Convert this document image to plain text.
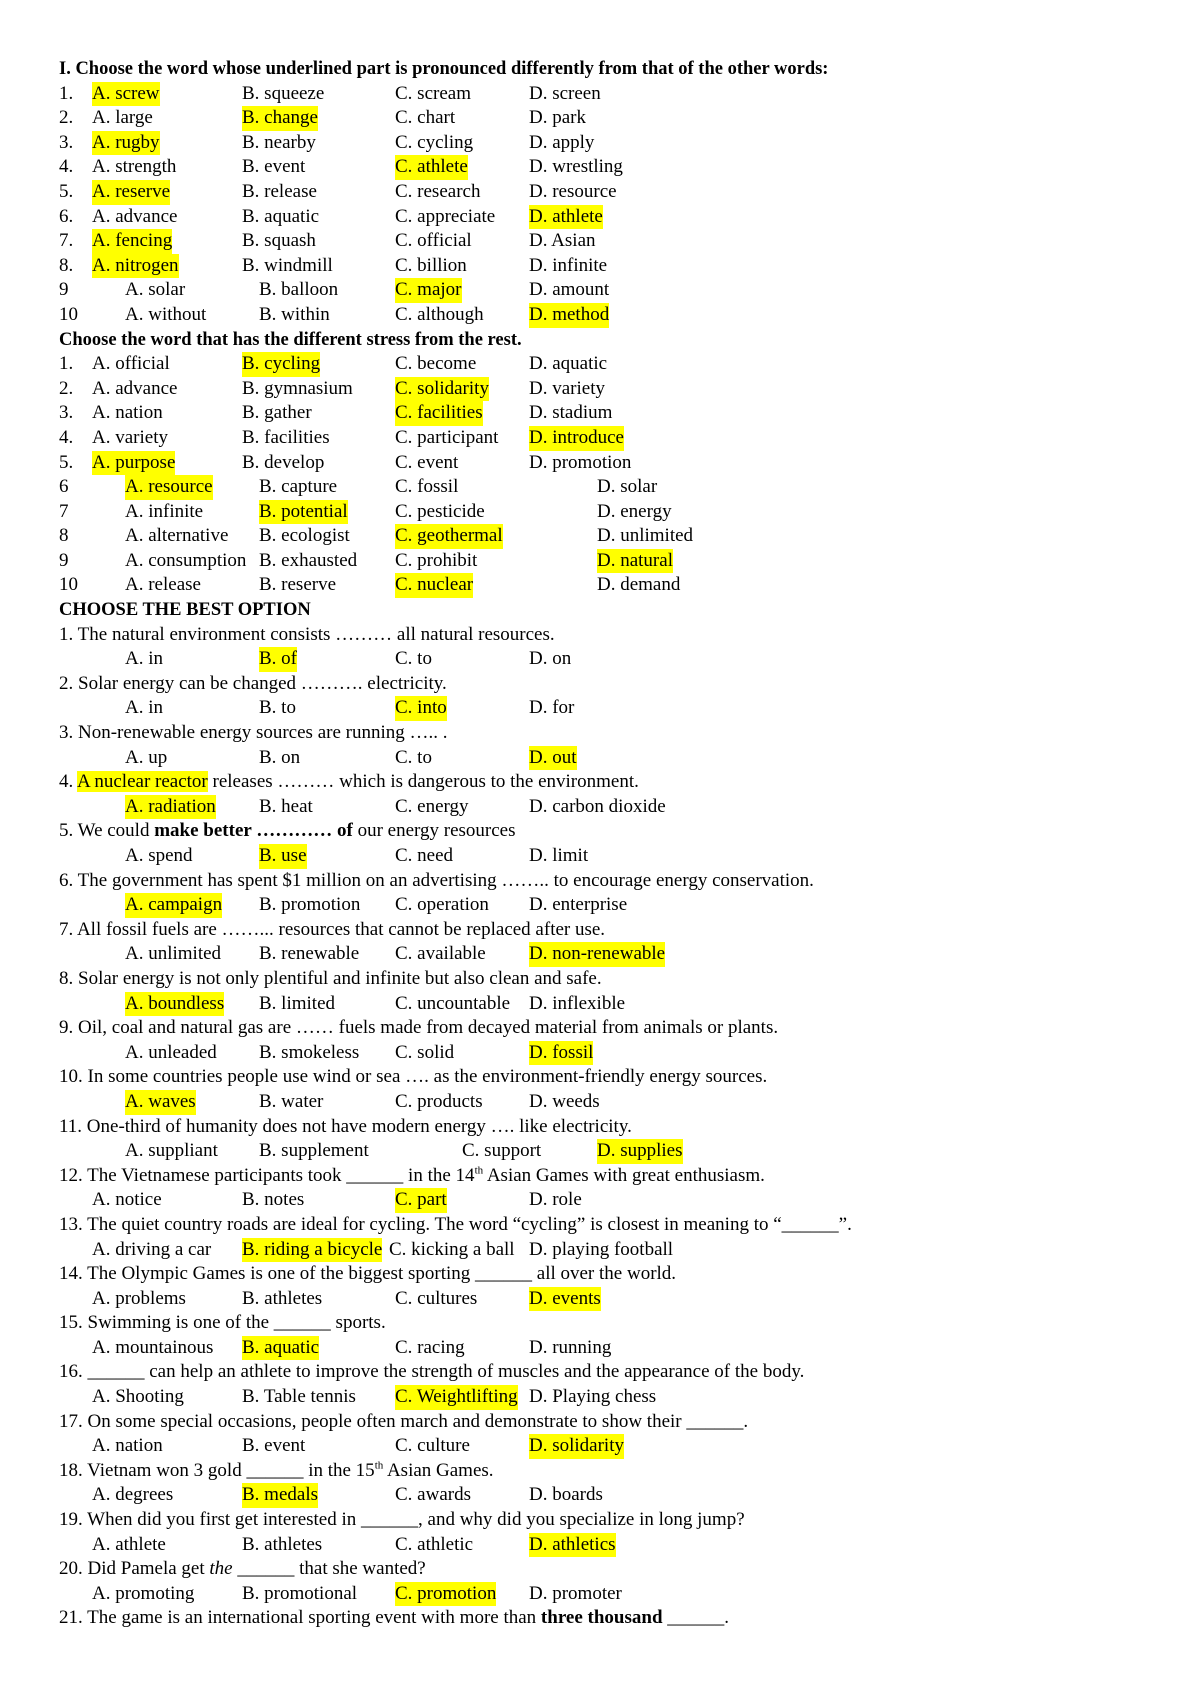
I. Choose the word whose underlined part is pronounced differently from that of the other words:
1. A. screw	B. squeeze	C. scream	D. screen
2. A. large	B. change	C. chart	D. park
3. A. rugby	B. nearby	C. cycling	D. apply
4. A. strength	B. event	C. athlete	D. wrestling
5. A. reserve	B. release	C. research	D. resource
6. A. advance	B. aquatic	C. appreciate D. athlete
7. A. fencing	B. squash	C. official	D. Asian
8. A. nitrogen	B. windmill	C. billion	D. infinite
9	A. solar	B. balloon	C. major	D. amount
10 A. without	B. within	C. although D. method
Choose the word that has the different stress from the rest.
1. A. official	B. cycling	C. become	D. aquatic
2. A. advance	B. gymnasium C. solidarity D. variety
3. A. nation	B. gather	C. facilities D. stadium
4. A. variety	B. facilities	C. participant D. introduce
5. A. purpose	B. develop	C. event	D. promotion
6	A. resource B. capture	C. fossil	D. solar
7	A. infinite	B. potential C. pesticide	D. energy
8	A. alternative B. ecologist C. geothermal	D. unlimited
9	A. consumption B. exhausted C. prohibit	D. natural
10 A. release	B. reserve	C. nuclear	D. demand
CHOOSE THE BEST OPTION
1. The natural environment consists ……… all natural resources.
A. in	B. of	C. to	D. on
2. Solar energy can be changed ………. electricity.
A. in	B. to	C. into	D. for
3. Non-renewable energy sources are running ….. .
A. up	B. on	C. to	D. out
4. A nuclear reactor releases ……… which is dangerous to the environment.
A. radiation B. heat	C. energy	D. carbon dioxide
5. We could make better ………… of our energy resources
A. spend	B. use	C. need	D. limit
6. The government has spent $1 million on an advertising …….. to encourage energy conservation.
A. campaign B. promotion C. operation D. enterprise
7. All fossil fuels are ……... resources that cannot be replaced after use.
A. unlimited B. renewable C. available D. non-renewable
8. Solar energy is not only plentiful and infinite but also clean and safe.
A. boundless B. limited	C. uncountable D. inflexible
9. Oil, coal and natural gas are …… fuels made from decayed material from animals or plants.
A. unleaded B. smokeless C. solid	D. fossil
10. In some countries people use wind or sea …. as the environment-friendly energy sources.
A. waves	B. water	C. products D. weeds
11. One-third of humanity does not have modern energy …. like electricity.
A. suppliant B. supplement	C. support	D. supplies
12. The Vietnamese participants took ______ in the 14th Asian Games with great enthusiasm.
A. notice	B. notes	C. part	D. role
13. The quiet country roads are ideal for cycling. The word “cycling” is closest in meaning to “______”.
A. driving a car B. riding a bicycle C. kicking a ball D. playing football
14. The Olympic Games is one of the biggest sporting ______ all over the world.
A. problems	B. athletes	C. cultures	D. events
15. Swimming is one of the ______ sports.
A. mountainous B. aquatic	C. racing	D. running
16. ______ can help an athlete to improve the strength of muscles and the appearance of the body.
A. Shooting	B. Table tennis C. Weightlifting D. Playing chess
17. On some special occasions, people often march and demonstrate to show their ______.
A. nation	B. event	C. culture	D. solidarity
18. Vietnam won 3 gold ______ in the 15th Asian Games.
A. degrees	B. medals	C. awards	D. boards
19. When did you first get interested in ______, and why did you specialize in long jump?
A. athlete	B. athletes	C. athletic	D. athletics
20. Did Pamela get the ______ that she wanted?
A. promoting	B. promotional C. promotion D. promoter
21. The game is an international sporting event with more than three thousand ______.
